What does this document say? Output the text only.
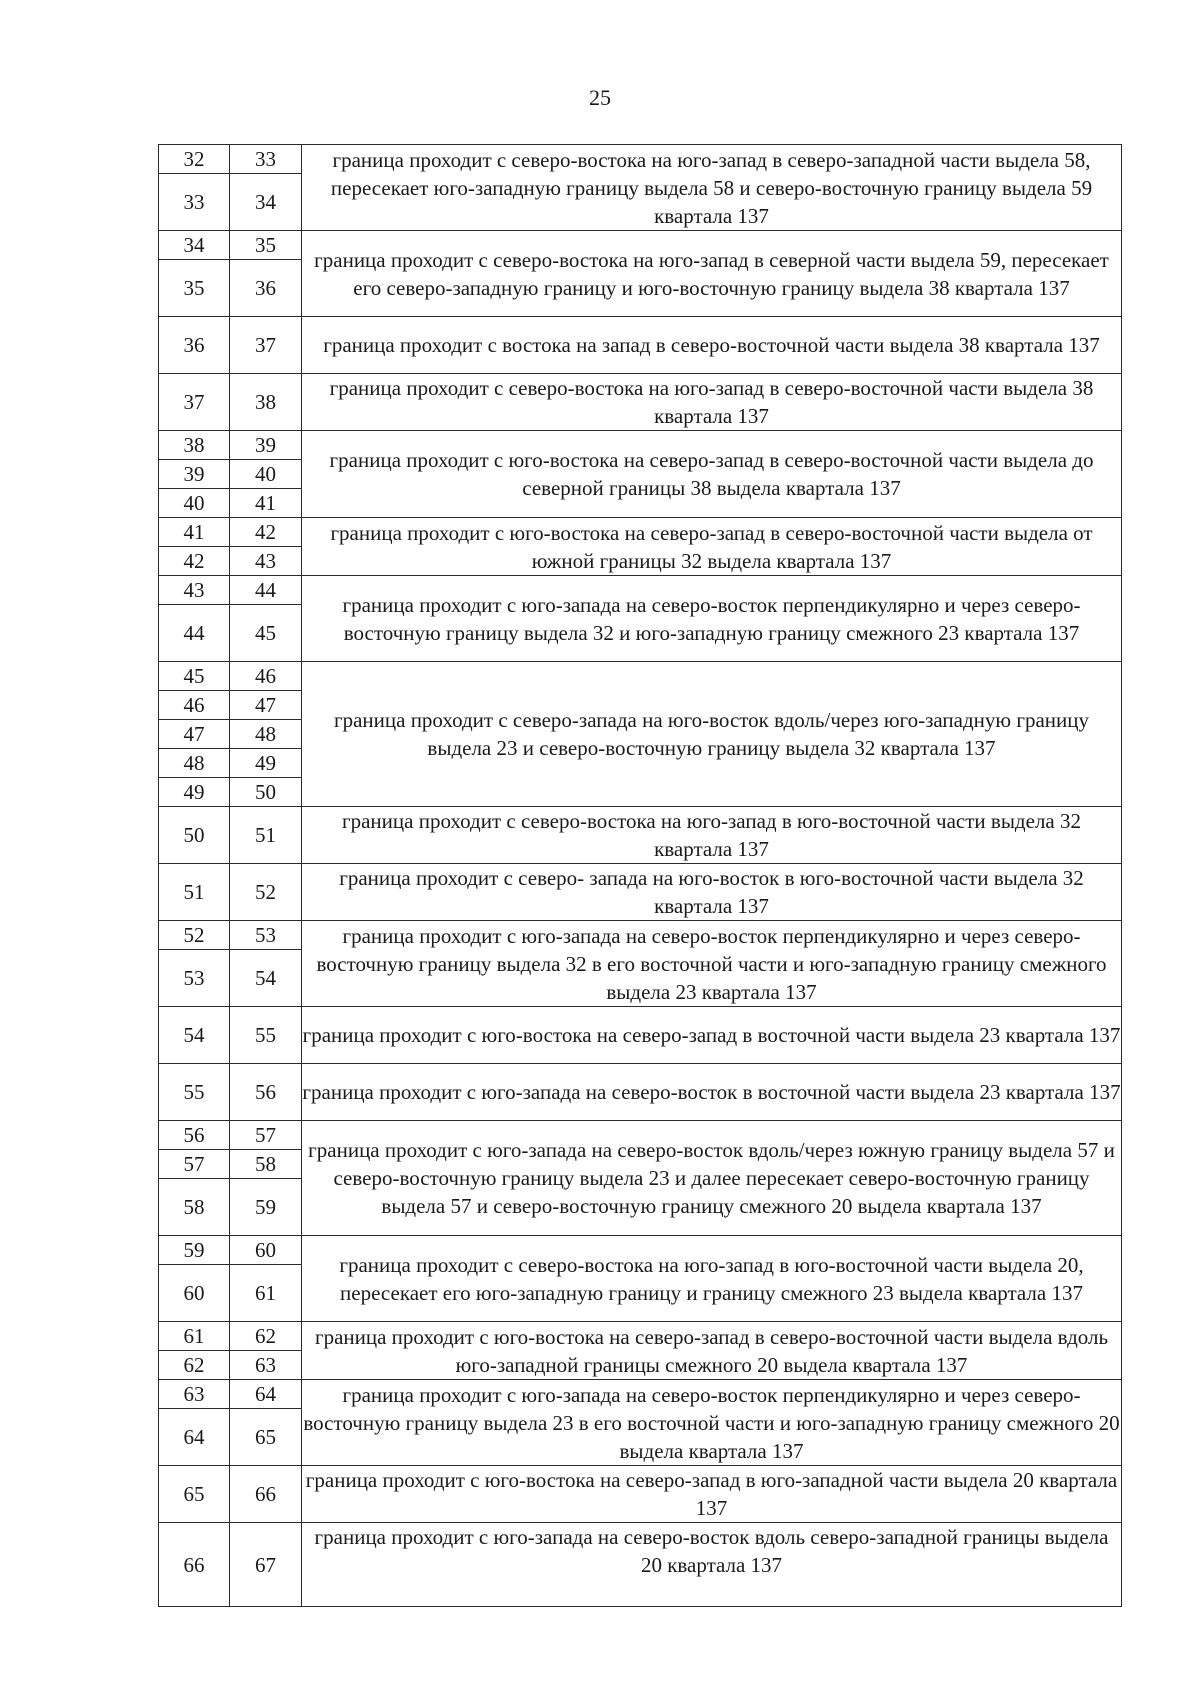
25
32	33	граница проходит с северо-востока на юго-запад в северо-западной части выдела 58, пересекает юго-западную границу выдела 58 и северо-восточную границу выдела 59 квартала 137
33	34	
34	35	граница проходит с северо-востока на юго-запад в северной части выдела 59, пересекает его северо-западную границу и юго-восточную границу выдела 38 квартала 137
35	36	
36	37	граница проходит с востока на запад в северо-восточной части выдела 38 квартала 137
37	38	граница проходит с северо-востока на юго-запад в северо-восточной части выдела 38 квартала 137
38	39	граница проходит с юго-востока на северо-запад в северо-восточной части выдела до северной границы 38 выдела квартала 137
39	40	
40	41	
41	42	граница проходит с юго-востока на северо-запад в северо-восточной части выдела от южной границы 32 выдела квартала 137
42	43	
43	44	граница проходит с юго-запада на северо-восток перпендикулярно и через северо-восточную границу выдела 32 и юго-западную границу смежного 23 квартала 137
44	45	
45	46	граница проходит с северо-запада на юго-восток вдоль/через юго-западную границу выдела 23 и северо-восточную границу выдела 32 квартала 137
46	47	
47	48	
48	49	
49	50	
50	51	граница проходит с северо-востока на юго-запад в юго-восточной части выдела 32 квартала 137
51	52	граница проходит с северо- запада на юго-восток в юго-восточной части выдела 32 квартала 137
52	53	граница проходит с юго-запада на северо-восток перпендикулярно и через северо-восточную границу выдела 32 в его восточной части и юго-западную границу смежного выдела 23 квартала 137
53	54	
54	55	граница проходит с юго-востока на северо-запад в восточной части выдела 23 квартала 137
55	56	граница проходит с юго-запада на северо-восток в восточной части выдела 23 квартала 137
56	57	граница проходит с юго-запада на северо-восток вдоль/через южную границу выдела 57 и северо-восточную границу выдела 23 и далее пересекает северо-восточную границу выдела 57 и северо-восточную границу смежного 20 выдела квартала 137
57	58	
58	59	
59	60	граница проходит с северо-востока на юго-запад в юго-восточной части выдела 20, пересекает его юго-западную границу и границу смежного 23 выдела квартала 137
60	61	
61	62	граница проходит с юго-востока на северо-запад в северо-восточной части выдела вдоль юго-западной границы смежного 20 выдела квартала 137
62	63	
63	64	граница проходит с юго-запада на северо-восток перпендикулярно и через северо-восточную границу выдела 23 в его восточной части и юго-западную границу смежного 20 выдела квартала 137
64	65	
65	66	граница проходит с юго-востока на северо-запад в юго-западной части выдела 20 квартала 137
66	67	граница проходит с юго-запада на северо-восток вдоль северо-западной границы выдела 20 квартала 137
